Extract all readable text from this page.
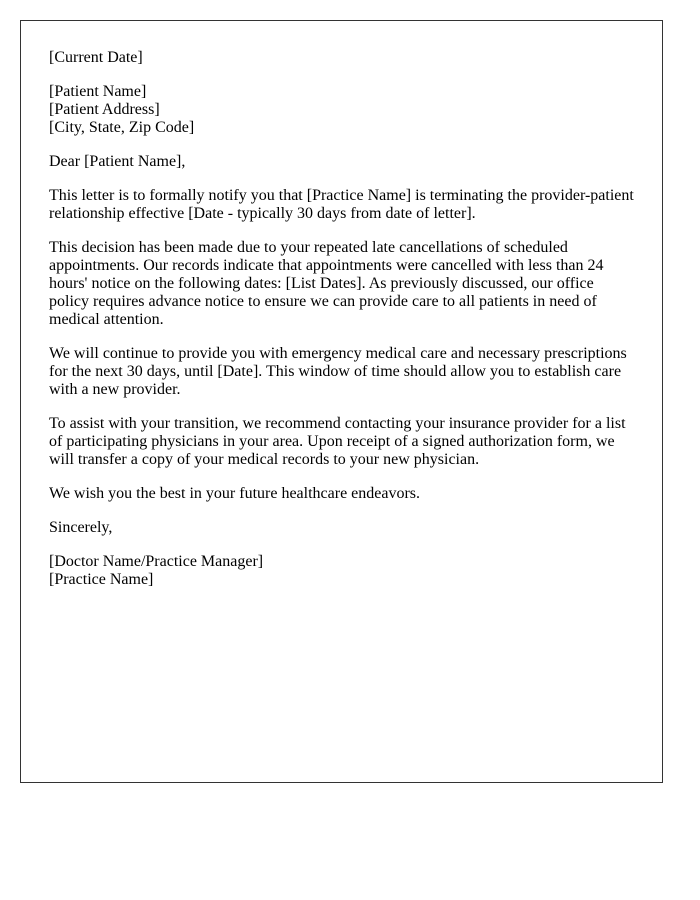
[Current Date]

[Patient Name]
[Patient Address]
[City, State, Zip Code]

Dear [Patient Name],

This letter is to formally notify you that [Practice Name] is terminating the provider-patient relationship effective [Date - typically 30 days from date of letter].

This decision has been made due to your repeated late cancellations of scheduled appointments. Our records indicate that appointments were cancelled with less than 24 hours' notice on the following dates: [List Dates]. As previously discussed, our office policy requires advance notice to ensure we can provide care to all patients in need of medical attention.

We will continue to provide you with emergency medical care and necessary prescriptions for the next 30 days, until [Date]. This window of time should allow you to establish care with a new provider.

To assist with your transition, we recommend contacting your insurance provider for a list of participating physicians in your area. Upon receipt of a signed authorization form, we will transfer a copy of your medical records to your new physician.

We wish you the best in your future healthcare endeavors.

Sincerely,

[Doctor Name/Practice Manager]
[Practice Name]
